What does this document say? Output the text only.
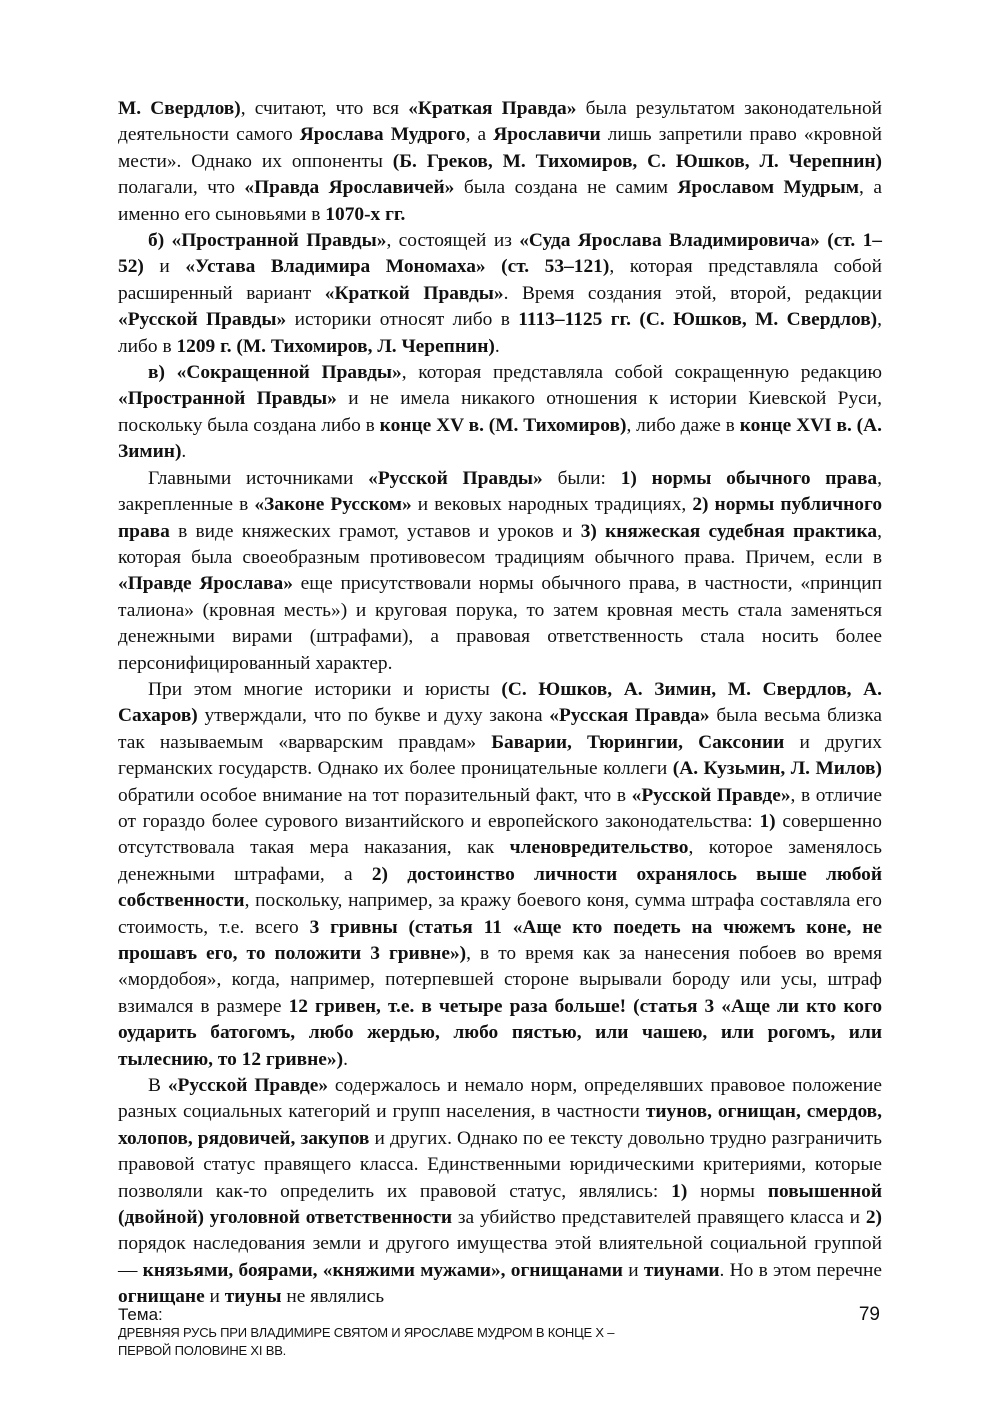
М. Свердлов), считают, что вся «Краткая Правда» была результатом законодательной деятельности самого Ярослава Мудрого, а Ярославичи лишь запретили право «кровной мести». Однако их оппоненты (Б. Греков, М. Тихомиров, С. Юшков, Л. Черепнин) полагали, что «Правда Ярославичей» была создана не самим Ярославом Мудрым, а именно его сыновьями в 1070-х гг.

б) «Пространной Правды», состоящей из «Суда Ярослава Владимировича» (ст. 1–52) и «Устава Владимира Мономаха» (ст. 53–121), которая представляла собой расширенный вариант «Краткой Правды». Время создания этой, второй, редакции «Русской Правды» историки относят либо в 1113–1125 гг. (С. Юшков, М. Свердлов), либо в 1209 г. (М. Тихомиров, Л. Черепнин).

в) «Сокращенной Правды», которая представляла собой сокращенную редакцию «Пространной Правды» и не имела никакого отношения к истории Киевской Руси, поскольку была создана либо в конце XV в. (М. Тихомиров), либо даже в конце XVI в. (А. Зимин).

Главными источниками «Русской Правды» были: 1) нормы обычного права, закрепленные в «Законе Русском» и вековых народных традициях, 2) нормы публичного права в виде княжеских грамот, уставов и уроков и 3) княжеская судебная практика, которая была своеобразным противовесом традициям обычного права. Причем, если в «Правде Ярослава» еще присутствовали нормы обычного права, в частности, «принцип талиона» (кровная месть») и круговая порука, то затем кровная месть стала заменяться денежными вирами (штрафами), а правовая ответственность стала носить более персонифицированный характер.

При этом многие историки и юристы (С. Юшков, А. Зимин, М. Свердлов, А. Сахаров) утверждали, что по букве и духу закона «Русская Правда» была весьма близка так называемым «варварским правдам» Баварии, Тюрингии, Саксонии и других германских государств. Однако их более проницательные коллеги (А. Кузьмин, Л. Милов) обратили особое внимание на тот поразительный факт, что в «Русской Правде», в отличие от гораздо более сурового византийского и европейского законодательства: 1) совершенно отсутствовала такая мера наказания, как членовредительство, которое заменялось денежными штрафами, а 2) достоинство личности охранялось выше любой собственности, поскольку, например, за кражу боевого коня, сумма штрафа составляла его стоимость, т.е. всего 3 гривны (статья 11 «Аще кто поедеть на чюжемъ коне, не прошавъ его, то положити 3 гривне»), в то время как за нанесения побоев во время «мордобоя», когда, например, потерпевшей стороне вырывали бороду или усы, штраф взимался в размере 12 гривен, т.е. в четыре раза больше! (статья 3 «Аще ли кто кого оударить батогомъ, любо жердью, любо пястью, или чашею, или рогомъ, или тылеснию, то 12 гривне»).

В «Русской Правде» содержалось и немало норм, определявших правовое положение разных социальных категорий и групп населения, в частности тиунов, огнищан, смердов, холопов, рядовичей, закупов и других. Однако по ее тексту довольно трудно разграничить правовой статус правящего класса. Единственными юридическими критериями, которые позволяли как-то определить их правовой статус, являлись: 1) нормы повышенной (двойной) уголовной ответственности за убийство представителей правящего класса и 2) порядок наследования земли и другого имущества этой влиятельной социальной группой — князьями, боярами, «княжими мужами», огнищанами и тиунами. Но в этом перечне огнищане и тиуны не являлись

Тема:

ДРЕВНЯЯ РУСЬ ПРИ ВЛАДИМИРЕ СВЯТОМ И ЯРОСЛАВЕ МУДРОМ В КОНЦЕ X –

ПЕРВОЙ ПОЛОВИНЕ XI ВВ.

79
